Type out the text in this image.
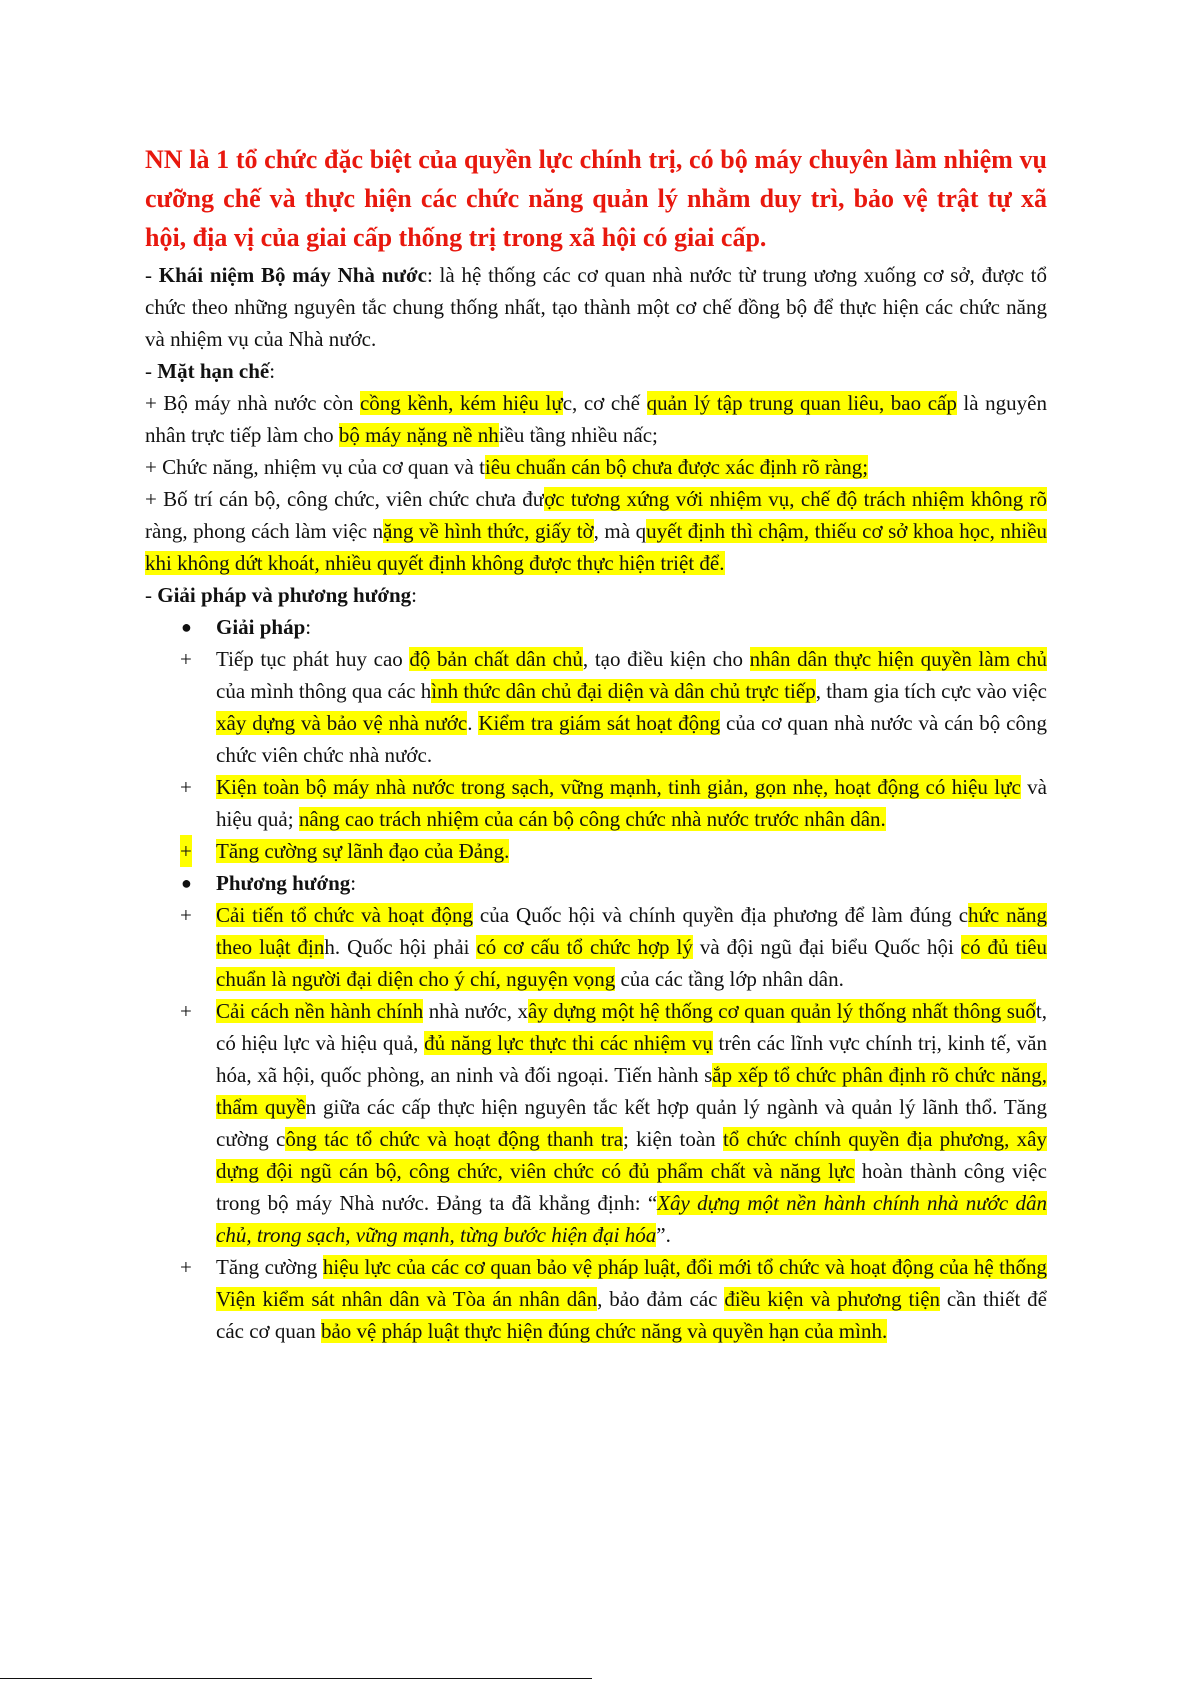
NN là 1 tổ chức đặc biệt của quyền lực chính trị, có bộ máy chuyên làm nhiệm vụ cưỡng chế và thực hiện các chức năng quản lý nhằm duy trì, bảo vệ trật tự xã hội, địa vị của giai cấp thống trị trong xã hội có giai cấp.

- Khái niệm Bộ máy Nhà nước: là hệ thống các cơ quan nhà nước từ trung ương xuống cơ sở, được tổ chức theo những nguyên tắc chung thống nhất, tạo thành một cơ chế đồng bộ để thực hiện các chức năng và nhiệm vụ của Nhà nước.

- Mặt hạn chế:

+ Bộ máy nhà nước còn cồng kềnh, kém hiệu lực, cơ chế quản lý tập trung quan liêu, bao cấp là nguyên nhân trực tiếp làm cho bộ máy nặng nề nhiều tầng nhiều nấc;

+ Chức năng, nhiệm vụ của cơ quan và tiêu chuẩn cán bộ chưa được xác định rõ ràng;

+ Bố trí cán bộ, công chức, viên chức chưa được tương xứng với nhiệm vụ, chế độ trách nhiệm không rõ ràng, phong cách làm việc nặng về hình thức, giấy tờ, mà quyết định thì chậm, thiếu cơ sở khoa học, nhiều khi không dứt khoát, nhiều quyết định không được thực hiện triệt để.

- Giải pháp và phương hướng:

● Giải pháp:
+ Tiếp tục phát huy cao độ bản chất dân chủ, tạo điều kiện cho nhân dân thực hiện quyền làm chủ của mình thông qua các hình thức dân chủ đại diện và dân chủ trực tiếp, tham gia tích cực vào việc xây dựng và bảo vệ nhà nước. Kiểm tra giám sát hoạt động của cơ quan nhà nước và cán bộ công chức viên chức nhà nước.
+ Kiện toàn bộ máy nhà nước trong sạch, vững mạnh, tinh giản, gọn nhẹ, hoạt động có hiệu lực và hiệu quả; nâng cao trách nhiệm của cán bộ công chức nhà nước trước nhân dân.
+ Tăng cường sự lãnh đạo của Đảng.
● Phương hướng:
+ Cải tiến tổ chức và hoạt động của Quốc hội và chính quyền địa phương để làm đúng chức năng theo luật định. Quốc hội phải có cơ cấu tổ chức hợp lý và đội ngũ đại biểu Quốc hội có đủ tiêu chuẩn là người đại diện cho ý chí, nguyện vọng của các tầng lớp nhân dân.
+ Cải cách nền hành chính nhà nước, xây dựng một hệ thống cơ quan quản lý thống nhất thông suốt, có hiệu lực và hiệu quả, đủ năng lực thực thi các nhiệm vụ trên các lĩnh vực chính trị, kinh tế, văn hóa, xã hội, quốc phòng, an ninh và đối ngoại. Tiến hành sắp xếp tổ chức phân định rõ chức năng, thẩm quyền giữa các cấp thực hiện nguyên tắc kết hợp quản lý ngành và quản lý lãnh thổ. Tăng cường công tác tổ chức và hoạt động thanh tra; kiện toàn tổ chức chính quyền địa phương, xây dựng đội ngũ cán bộ, công chức, viên chức có đủ phẩm chất và năng lực hoàn thành công việc trong bộ máy Nhà nước. Đảng ta đã khẳng định: “Xây dựng một nền hành chính nhà nước dân chủ, trong sạch, vững mạnh, từng bước hiện đại hóa”.
+ Tăng cường hiệu lực của các cơ quan bảo vệ pháp luật, đổi mới tổ chức và hoạt động của hệ thống Viện kiểm sát nhân dân và Tòa án nhân dân, bảo đảm các điều kiện và phương tiện cần thiết để các cơ quan bảo vệ pháp luật thực hiện đúng chức năng và quyền hạn của mình.
